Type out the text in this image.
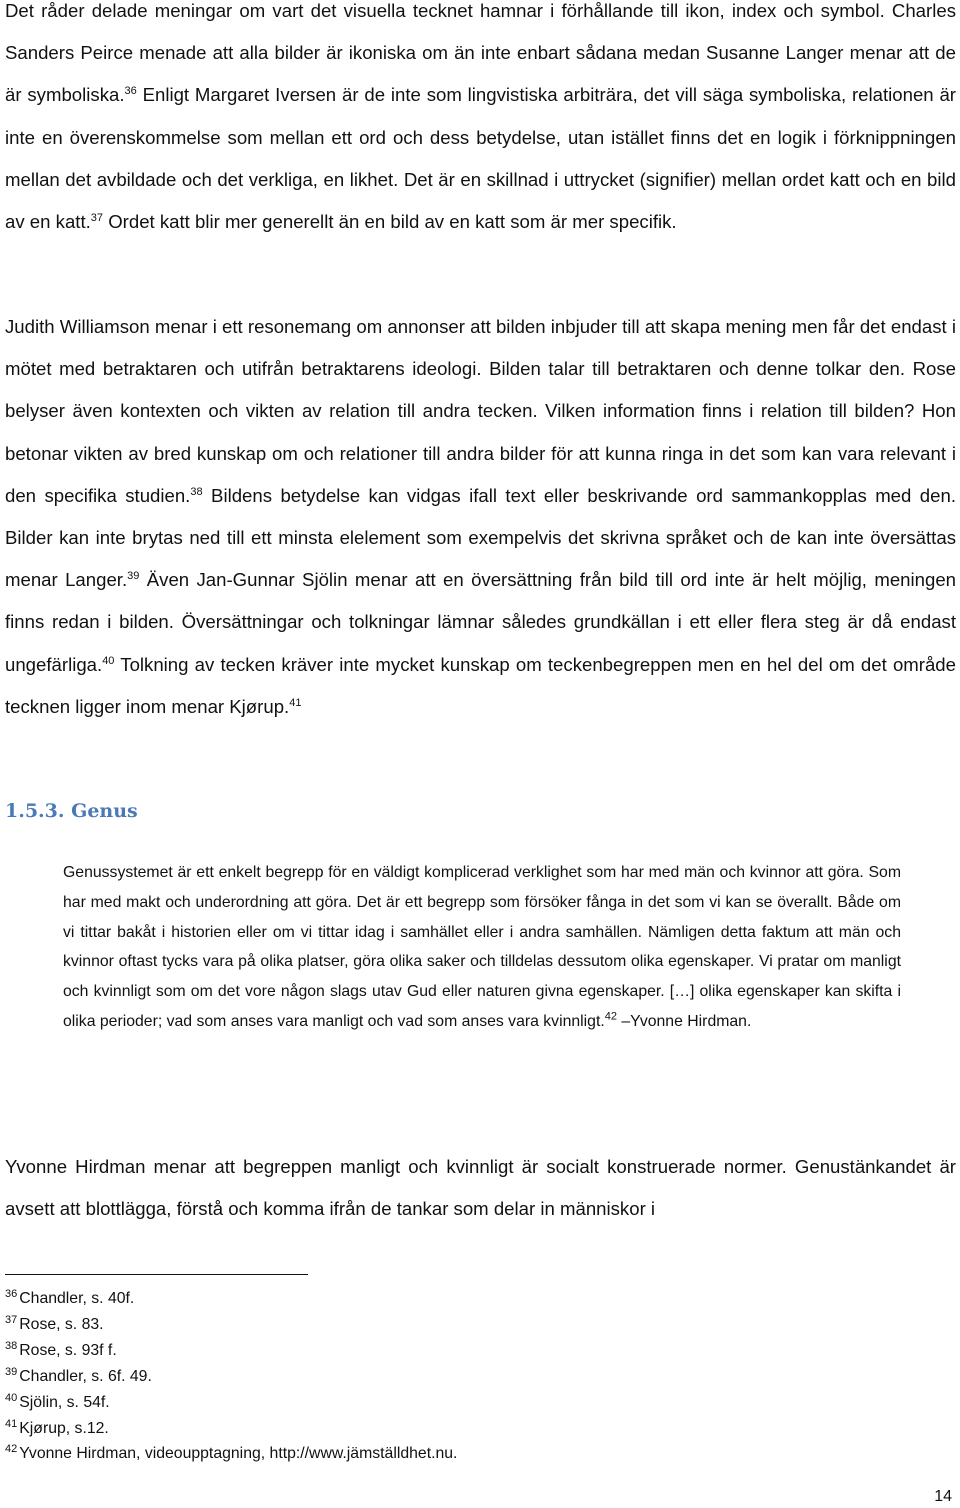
Det råder delade meningar om vart det visuella tecknet hamnar i förhållande till ikon, index och symbol. Charles Sanders Peirce menade att alla bilder är ikoniska om än inte enbart sådana medan Susanne Langer menar att de är symboliska.$^{36}$ Enligt Margaret Iversen är de inte som lingvistiska arbiträra, det vill säga symboliska, relationen är inte en överenskommelse som mellan ett ord och dess betydelse, utan istället finns det en logik i förknippningen mellan det avbildade och det verkliga, en likhet. Det är en skillnad i uttrycket (signifier) mellan ordet katt och en bild av en katt.$^{37}$ Ordet katt blir mer generellt än en bild av en katt som är mer specifik.

Judith Williamson menar i ett resonemang om annonser att bilden inbjuder till att skapa mening men får det endast i mötet med betraktaren och utifrån betraktarens ideologi. Bilden talar till betraktaren och denne tolkar den. Rose belyser även kontexten och vikten av relation till andra tecken. Vilken information finns i relation till bilden? Hon betonar vikten av bred kunskap om och relationer till andra bilder för att kunna ringa in det som kan vara relevant i den specifika studien.$^{38}$ Bildens betydelse kan vidgas ifall text eller beskrivande ord sammankopplas med den. Bilder kan inte brytas ned till ett minsta elelement som exempelvis det skrivna språket och de kan inte översättas menar Langer.$^{39}$ Även Jan-Gunnar Sjölin menar att en översättning från bild till ord inte är helt möjlig, meningen finns redan i bilden. Översättningar och tolkningar lämnar således grundkällan i ett eller flera steg är då endast ungefärliga.$^{40}$ Tolkning av tecken kräver inte mycket kunskap om teckenbegreppen men en hel del om det område tecknen ligger inom menar Kjørup.$^{41}$

1.5.3. Genus

Genussystemet är ett enkelt begrepp för en väldigt komplicerad verklighet som har med män och kvinnor att göra. Som har med makt och underordning att göra. Det är ett begrepp som försöker fånga in det som vi kan se överallt. Både om vi tittar bakåt i historien eller om vi tittar idag i samhället eller i andra samhällen. Nämligen detta faktum att män och kvinnor oftast tycks vara på olika platser, göra olika saker och tilldelas dessutom olika egenskaper. Vi pratar om manligt och kvinnligt som om det vore någon slags utav Gud eller naturen givna egenskaper. […] olika egenskaper kan skifta i olika perioder; vad som anses vara manligt och vad som anses vara kvinnligt.$^{42}$ –Yvonne Hirdman.

Yvonne Hirdman menar att begreppen manligt och kvinnligt är socialt konstruerade normer. Genustänkandet är avsett att blottlägga, förstå och komma ifrån de tankar som delar in människor i

$^{36}$ Chandler, s. 40f.
$^{37}$ Rose, s. 83.
$^{38}$ Rose, s. 93f f.
$^{39}$ Chandler, s. 6f. 49.
$^{40}$ Sjölin, s. 54f.
$^{41}$ Kjørup, s.12.
$^{42}$ Yvonne Hirdman, videoupptagning, http://www.jämställdhet.nu.

14
